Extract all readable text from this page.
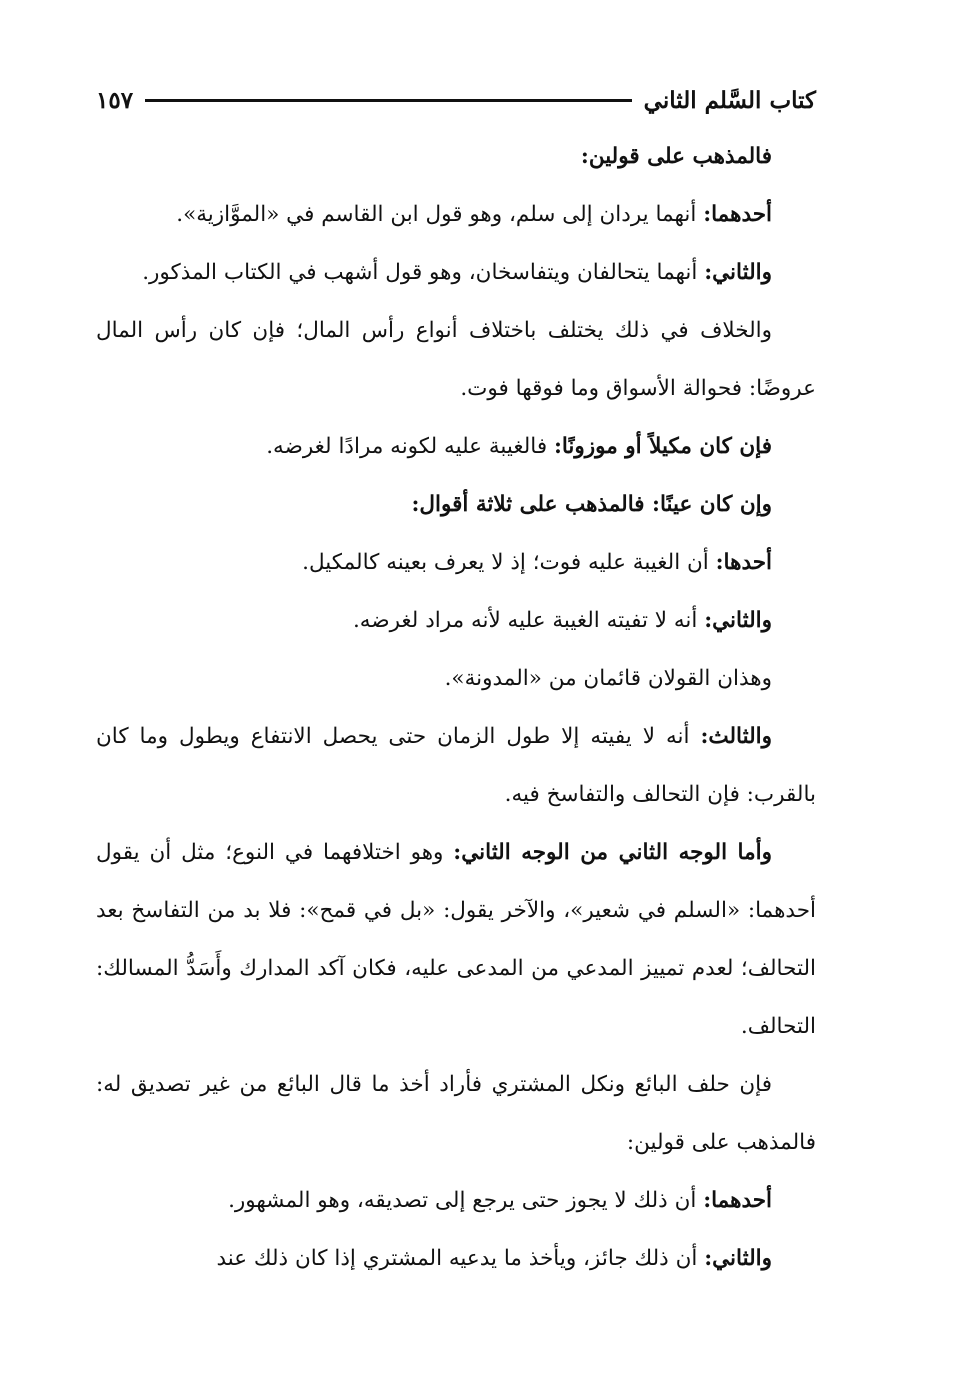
كتاب السَّلم الثاني
١٥٧

فالمذهب على قولين:

أحدهما: أنهما يردان إلى سلم، وهو قول ابن القاسم في «الموَّازية».

والثاني: أنهما يتحالفان ويتفاسخان، وهو قول أشهب في الكتاب المذكور.

والخلاف في ذلك يختلف باختلاف أنواع رأس المال؛ فإن كان رأس المال عروضًا: فحوالة الأسواق وما فوقها فوت.

فإن كان مكيلاً أو موزونًا: فالغيبة عليه لكونه مرادًا لغرضه.

وإن كان عينًا: فالمذهب على ثلاثة أقوال:

أحدها: أن الغيبة عليه فوت؛ إذ لا يعرف بعينه كالمكيل.

والثاني: أنه لا تفيته الغيبة عليه لأنه مراد لغرضه.

وهذان القولان قائمان من «المدونة».

والثالث: أنه لا يفيته إلا طول الزمان حتى يحصل الانتفاع ويطول وما كان بالقرب: فإن التحالف والتفاسخ فيه.

وأما الوجه الثاني من الوجه الثاني: وهو اختلافهما في النوع؛ مثل أن يقول أحدهما: «السلم في شعير»، والآخر يقول: «بل في قمح»: فلا بد من التفاسخ بعد التحالف؛ لعدم تمييز المدعي من المدعى عليه، فكان آكد المدارك وأَسَدُّ المسالك: التحالف.

فإن حلف البائع ونكل المشتري فأراد أخذ ما قال البائع من غير تصديق له: فالمذهب على قولين:

أحدهما: أن ذلك لا يجوز حتى يرجع إلى تصديقه، وهو المشهور.

والثاني: أن ذلك جائز، ويأخذ ما يدعيه المشتري إذا كان ذلك عند
